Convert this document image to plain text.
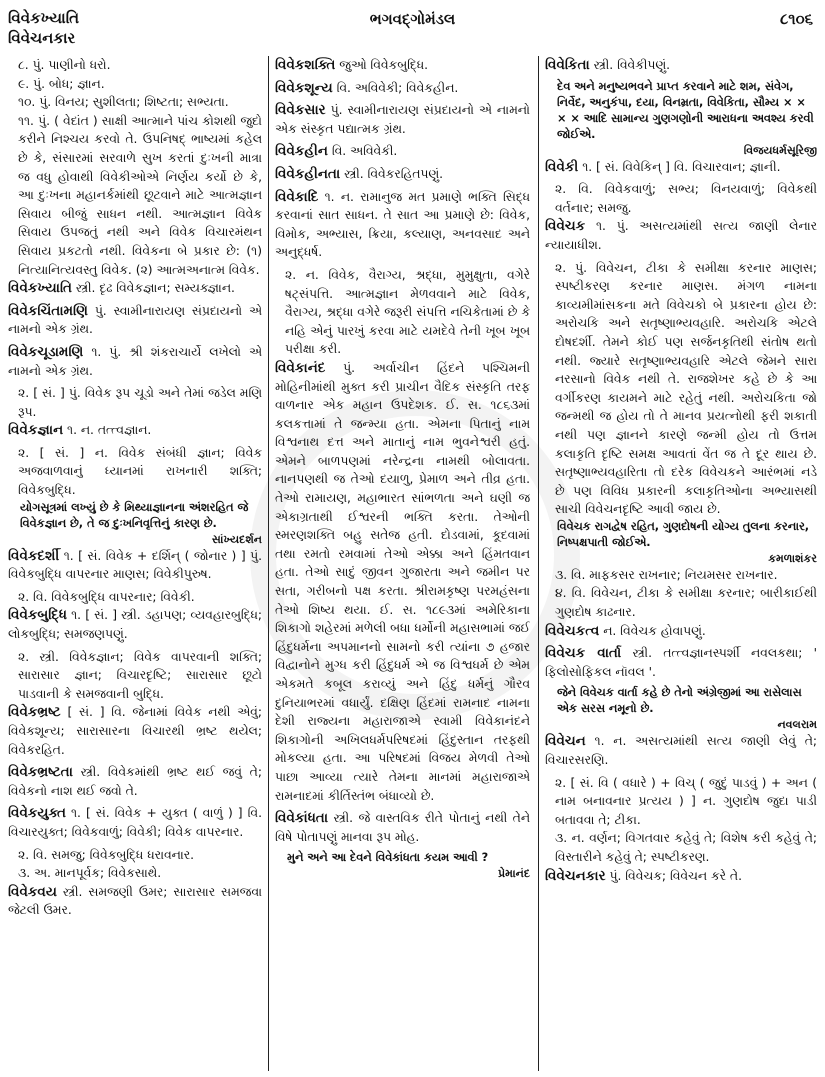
ભગવદ્ગોમંડલ
વિવેકખ્યાતિ
વિવેચનકાર
૮૧૦૬
૮. પું. પાણીનો ધરો.
૯. પું. બોધ; જ્ઞાન.
૧૦. પું. વિનય; સુશીલતા; શિષ્ટતા; સભ્યતા.
૧૧. પું. ( વેદાંત ) સાક્ષી આત્માને પાંચ કોશથી જુદો કરીને નિશ્ચય કરવો તે. ઉપનિષદ્ ભાષ્યમાં કહેલ છે કે, સંસારમાં સરવાળે સુખ કરતાં દુઃખની માત્રા જ વધુ હોવાથી વિવેકીઓએ નિર્ણય કર્યો છે કે, આ દુઃખના મહાનર્કમાંથી છૂટવાને માટે આત્મજ્ઞાન સિવાય બીજું સાધન નથી. આત્મજ્ઞાન વિવેક સિવાય ઉપજતું નથી અને વિવેક વિચારમંથન સિવાય પ્રકટતો નથી. વિવેકના બે પ્રકાર છે: (૧) નિત્યાનિત્યવસ્તુ વિવેક. (૨) આત્મઅનાત્મ વિવેક.
વિવેકખ્યાતિ સ્ત્રી. દૃઢ વિવેકજ્ઞાન; સમ્યક્જ્ઞાન.
વિવેકચિંતામણિ પું. સ્વામીનારાયણ સંપ્રદાયનો એ નામનો એક ગ્રંથ.
વિવેકચૂડામણિ ૧. પું. શ્રી શંકરાચાર્યે લખેલો એ નામનો એક ગ્રંથ.
૨. [ સં. ] પું. વિવેક રૂપ ચૂડો અને તેમાં જડેલ મણિ રૂપ.
વિવેકજ્ઞાન ૧. ન. તત્ત્વજ્ઞાન.
૨. [ સં. ] ન. વિવેક સંબંધી જ્ઞાન; વિવેક અજવાળવાનું ધ્યાનમાં રાખનારી શક્તિ; વિવેકબુદ્ધિ.
યોગસૂત્રમાં લખ્યું છે કે મિથ્યાજ્ઞાનના અંશરહિત જે વિવેકજ્ઞાન છે, તે જ દુઃખનિવૃત્તિનું કારણ છે.
સાંખ્યદર્શન
વિવેકદર્શી ૧. [ સં. વિવેક + દર્શિન્ ( જોનાર ) ] પું. વિવેકબુદ્ધિ વાપરનાર માણસ; વિવેકીપુરુષ.
૨. વિ. વિવેકબુદ્ધિ વાપરનાર; વિવેકી.
વિવેકબુદ્ધિ ૧. [ સં. ] સ્ત્રી. ડહાપણ; વ્યવહારબુદ્ધિ; લોકબુદ્ધિ; સમજણપણું.
૨. સ્ત્રી. વિવેકજ્ઞાન; વિવેક વાપરવાની શક્તિ; સારાસાર જ્ઞાન; વિચારદૃષ્ટિ; સારાસાર છૂટો પાડવાની કે સમજવાની બુદ્ધિ.
વિવેકભ્રષ્ટ [ સં. ] વિ. જેનામાં વિવેક નથી એવું; વિવેકશૂન્ય; સારાસારના વિચારથી ભ્રષ્ટ થયેલ; વિવેકરહિત.
વિવેકભ્રષ્ટતા સ્ત્રી. વિવેકમાંથી ભ્રષ્ટ થઈ જવું તે; વિવેકનો નાશ થઈ જવો તે.
વિવેકયુક્ત ૧. [ સં. વિવેક + યુક્ત ( વાળું ) ] વિ. વિચારયુક્ત; વિવેકવાળું; વિવેકી; વિવેક વાપરનાર.
૨. વિ. સમજુ; વિવેકબુદ્ધિ ધરાવનાર.
૩. અ. માનપૂર્વક; વિવેકસાથે.
વિવેકવય સ્ત્રી. સમજણી ઉમર; સારાસાર સમજવા જેટલી ઉમર.
વિવેકશક્તિ જુઓ વિવેકબુદ્ધિ.
વિવેકશૂન્ય વિ. અવિવેકી; વિવેકહીન.
વિવેકસાર પું. સ્વામીનારાયણ સંપ્રદાયનો એ નામનો એક સંસ્કૃત પદ્યાત્મક ગ્રંથ.
વિવેકહીન વિ. અવિવેકી.
વિવેકહીનતા સ્ત્રી. વિવેકરહિતપણું.
વિવેકાદિ ૧. ન. રામાનુજ મત પ્રમાણે ભક્તિ સિદ્ધ કરવાનાં સાત સાધન. તે સાત આ પ્રમાણે છે: વિવેક, વિમોક, અભ્યાસ, ક્રિયા, કલ્યાણ, અનવસાદ અને અનુદ્ધર્ષ.
૨. ન. વિવેક, વૈરાગ્ય, શ્રદ્ધા, મુમુક્ષુતા, વગેરે ષટ્સંપત્તિ. આત્મજ્ઞાન મેળવવાને માટે વિવેક, વૈરાગ્ય, શ્રદ્ધા વગેરે જરૂરી સંપત્તિ નચિકેતામાં છે કે નહિ એનું પારખું કરવા માટે યમદેવે તેની ખૂબ ખૂબ પરીક્ષા કરી.
વિવેકાનંદ પું. અર્વાચીન હિંદને પશ્ચિમની મોહિનીમાંથી મુક્ત કરી પ્રાચીન વૈદિક સંસ્કૃતિ તરફ વાળનાર એક મહાન ઉપદેશક. ઈ. સ. ૧૮૬૩માં કલકત્તામાં તે જન્મ્યા હતા. એમના પિતાનું નામ વિશ્વનાથ દત્ત અને માતાનું નામ ભુવનેશ્વરી હતું. એમને બાળપણમાં નરેન્દ્રના નામથી બોલાવતા. નાનપણથી જ તેઓ દયાળુ, પ્રેમાળ અને તીવ્ર હતા. તેઓ રામાયણ, મહાભારત સાંભળતા અને ઘણી જ એકાગ્રતાથી ઈશ્વરની ભક્તિ કરતા. તેઓની સ્મરણશક્તિ બહુ સતેજ હતી. દોડવામાં, કૂદવામાં તથા રમતો રમવામાં તેઓ એક્કા અને હિંમતવાન હતા. તેઓ સાદું જીવન ગુજારતા અને જમીન પર સતા, ગરીબનો પક્ષ કરતા. શ્રીરામકૃષ્ણ પરમહંસના તેઓ શિષ્ય થયા. ઈ. સ. ૧૮૯૩માં અમેરિકાના શિકાગો શહેરમાં મળેલી બધા ધર્મોની મહાસભામાં જઈ હિંદુધર્મના અપમાનનો સામનો કરી ત્યાંના ૭ હજાર વિદ્વાનોને મુગ્ધ કરી હિંદુધર્મ એ જ વિશ્વધર્મ છે એમ એકમતે કબૂલ કરાવ્યું અને હિંદુ ધર્મનું ગૌરવ દુનિયાભરમાં વધાર્યું. દક્ષિણ હિંદમાં રામનાદ નામના દેશી રાજ્યના મહારાજાએ સ્વામી વિવેકાનંદને શિકાગોની અખિલધર્મપરિષદમાં હિંદુસ્તાન તરફથી મોકલ્યા હતા. આ પરિષદમાં વિજય મેળવી તેઓ પાછા આવ્યા ત્યારે તેમના માનમાં મહારાજાએ રામનાદમાં કીર્તિસ્તંભ બંધાવ્યો છે.
વિવેકાંધતા સ્ત્રી. જે વાસ્તવિક રીતે પોતાનું નથી તેને વિષે પોતાપણું માનવા રૂપ મોહ.
મુને અને આ દેવને વિવેકાંધતા કયમ આવી ?
પ્રેમાનંદ
વિવેકિતા સ્ત્રી. વિવેકીપણું.
દેવ અને મનુષ્યભવને પ્રાપ્ત કરવાને માટે શમ, સંવેગ, નિર્વેદ, અનુકંપા, દયા, વિનમ્રતા, વિવેકિતા, સૌમ્ય × × × × આદિ સામાન્ય ગુણગણોની આરાધના અવશ્ય કરવી જોઈએ.
વિજયધર્મસૂરિજી
વિવેકી ૧. [ સં. વિવેકિન્ ] વિ. વિચારવાન; જ્ઞાની.
૨. વિ. વિવેકવાળું; સભ્ય; વિનયવાળું; વિવેકથી વર્તનાર; સમજુ.
વિવેચક ૧. પું. અસત્યમાંથી સત્ય જાણી લેનાર ન્યાયાધીશ.
૨. પું. વિવેચન, ટીકા કે સમીક્ષા કરનાર માણસ; સ્પષ્ટીકરણ કરનાર માણસ. મંગળ નામના કાવ્યમીમાંસકના મતે વિવેચકો બે પ્રકારના હોય છે: અરોચકિ અને સતૃષ્ણાભ્યવહારિ. અરોચકિ એટલે દોષદર્શી. તેમને કોઈ પણ સર્જનકૃતિથી સંતોષ થતો નથી. જ્યારે સતૃષ્ણાભ્યવહારિ એટલે જેમને સારા નરસાનો વિવેક નથી તે. રાજશેખર કહે છે કે આ વર્ગીકરણ કાયમને માટે રહેતું નથી. અરોચકિતા જો જન્મથી જ હોય તો તે માનવ પ્રયત્નોથી ફરી શકાતી નથી પણ જ્ઞાનને કારણે જન્મી હોય તો ઉત્તમ કલાકૃતિ દૃષ્ટિ સમક્ષ આવતાં વેંત જ તે દૂર થાય છે. સતૃષ્ણાભ્યવહારિતા તો દરેક વિવેચકને આરંભમાં નડે છે પણ વિવિધ પ્રકારની કલાકૃતિઓના અભ્યાસથી સાચી વિવેચનદૃષ્ટિ આવી જાય છે.
વિવેચક રાગદ્વેષ રહિત, ગુણદોષની યોગ્ય તુલના કરનાર, નિષ્પક્ષપાતી જોઈએ.
કમળાશંકર
૩. વિ. માફકસર રાખનાર; નિયમસર રાખનાર.
૪. વિ. વિવેચન, ટીકા કે સમીક્ષા કરનાર; બારીકાઈથી ગુણદોષ કાઢનાર.
વિવેચકત્વ ન. વિવેચક હોવાપણું.
વિવેચક વાર્તા સ્ત્રી. તત્ત્વજ્ઞાનસ્પર્શી નવલકથા; ' ફિલોસોફિકલ નૉવલ '.
જેને વિવેચક વાર્તા કહે છે તેનો અંગ્રેજીમાં આ રાસેલાસ એક સરસ નમૂનો છે.
નવલરામ
વિવેચન ૧. ન. અસત્યમાંથી સત્ય જાણી લેવું તે; વિચારસરણિ.
૨. [ સં. વિ ( વધારે ) + વિચ્ ( જુદું પાડવું ) + અન ( નામ બનાવનાર પ્રત્યય ) ] ન. ગુણદોષ જુદા પાડી બતાવવા તે; ટીકા.
૩. ન. વર્ણન; વિગતવાર કહેવું તે; વિશેષ કરી કહેવું તે; વિસ્તારીને કહેવું તે; સ્પષ્ટીકરણ.
વિવેચનકાર પું. વિવેચક; વિવેચન કરે તે.
